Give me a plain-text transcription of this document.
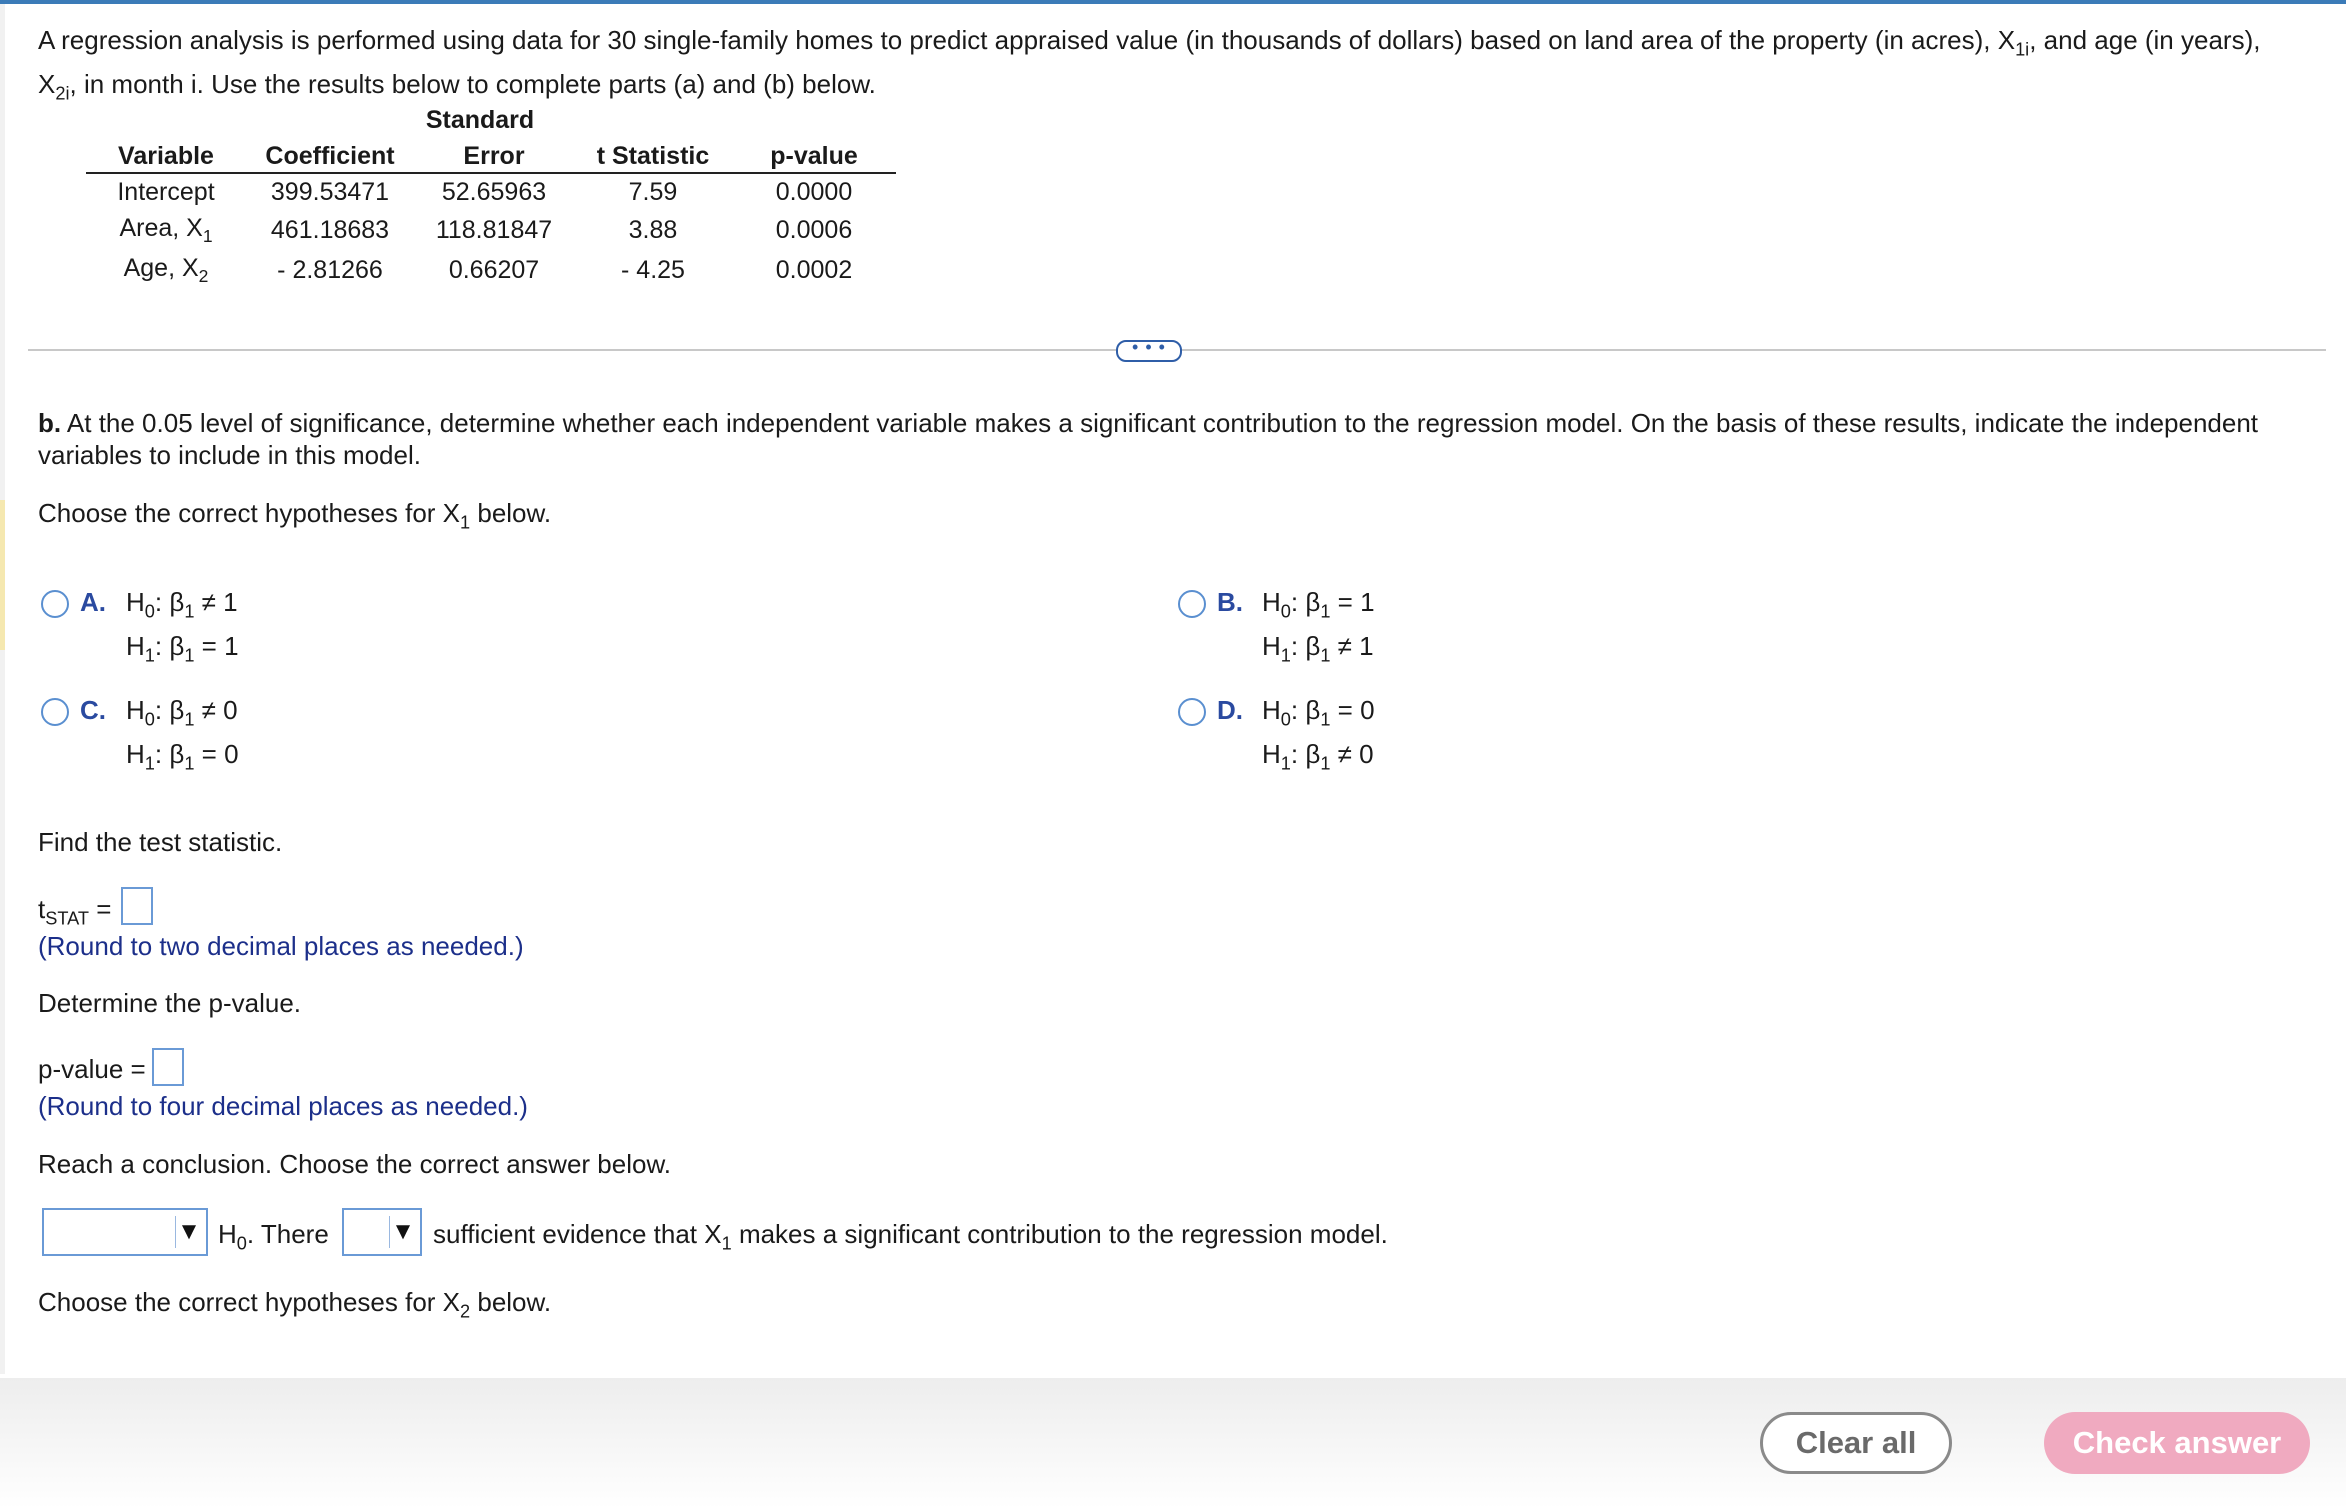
A regression analysis is performed using data for 30 single-family homes to predict appraised value (in thousands of dollars) based on land area of the property (in acres), $X_{1i}$, and age (in years),
$X_{2i}$, in month i. Use the results below to complete parts (a) and (b) below.
Standard
Variable	Coefficient	Error	t Statistic	p-value
Intercept	399.53471	52.65963	7.59	0.0000
Area, $X_1$	461.18683	118.81847	3.88	0.0006
Age, $X_2$	- 2.81266	0.66207	- 4.25	0.0002
• • •
b. At the 0.05 level of significance, determine whether each independent variable makes a significant contribution to the regression model. On the basis of these results, indicate the independent
variables to include in this model.
Choose the correct hypotheses for $X_1$ below.
A. $H_0$: $\beta_1 \ne 1$
$H_1$: $\beta_1 = 1$
B. $H_0$: $\beta_1 = 1$
$H_1$: $\beta_1 \ne 1$
C. $H_0$: $\beta_1 \ne 0$
$H_1$: $\beta_1 = 0$
D. $H_0$: $\beta_1 = 0$
$H_1$: $\beta_1 \ne 0$
Find the test statistic.
$t_{STAT}$ =
(Round to two decimal places as needed.)
Determine the p-value.
p-value =
(Round to four decimal places as needed.)
Reach a conclusion. Choose the correct answer below.
▼ $H_0$. There	▼ sufficient evidence that $X_1$ makes a significant contribution to the regression model.
Choose the correct hypotheses for $X_2$ below.
Clear all	Check answer
